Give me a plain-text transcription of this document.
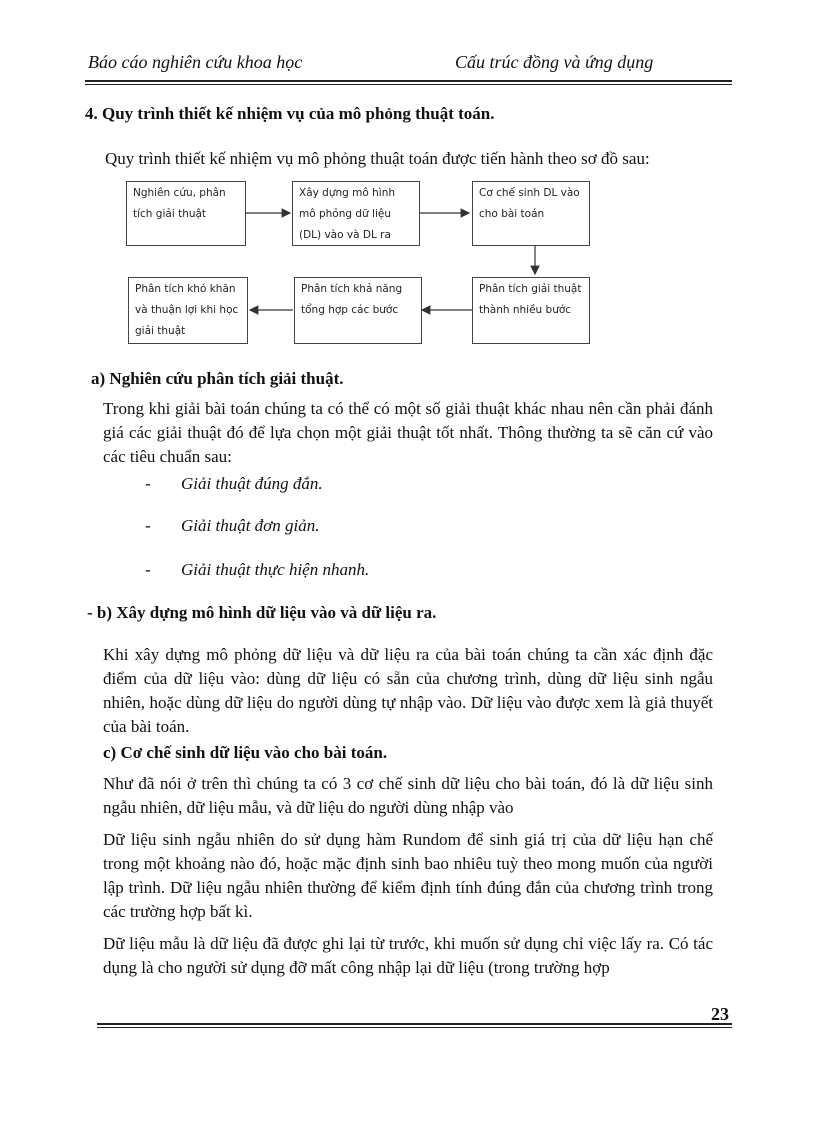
Báo cáo nghiên cứu khoa học	Cấu trúc đồng và ứng dụng
4. Quy trình thiết kế nhiệm vụ của mô phỏng thuật toán.
Quy trình thiết kế nhiệm vụ mô phỏng thuật toán được tiến hành theo sơ đồ sau:
Nghiên cứu, phân tích giải thuật
Xây dựng mô hình mô phỏng dữ liệu (DL) vào và DL ra
Cơ chế sinh DL vào cho bài toán
Phân tích giải thuật thành nhiều bước
Phân tích khả năng tổng hợp các bước
Phân tích khó khăn và thuận lợi khi học giải thuật
a) Nghiên cứu phân tích giải thuật.
Trong khi giải bài toán chúng ta có thể có một số giải thuật khác nhau nên cần phải đánh giá các giải thuật đó để lựa chọn một giải thuật tốt nhất. Thông thường ta sẽ căn cứ vào các tiêu chuẩn sau:
- Giải thuật đúng đắn.
- Giải thuật đơn giản.
- Giải thuật thực hiện nhanh.
- b) Xây dựng mô hình dữ liệu vào và dữ liệu ra.
Khi xây dựng mô phỏng dữ liệu và dữ liệu ra của bài toán chúng ta cần xác định đặc điểm của dữ liệu vào: dùng dữ liệu có sẵn của chương trình, dùng dữ liệu sinh ngẫu nhiên, hoặc dùng dữ liệu do người dùng tự nhập vào. Dữ liệu vào được xem là giả thuyết của bài toán.
c) Cơ chế sinh dữ liệu vào cho bài toán.
Như đã nói ở trên thì chúng ta có 3 cơ chế sinh dữ liệu cho bài toán, đó là dữ liệu sinh ngẫu nhiên, dữ liệu mẫu, và dữ liệu do người dùng nhập vào
Dữ liệu sinh ngẫu nhiên do sử dụng hàm Rundom để sinh giá trị của dữ liệu hạn chế trong một khoảng nào đó, hoặc mặc định sinh bao nhiêu tuỳ theo mong muốn của người lập trình. Dữ liệu ngẫu nhiên thường để kiểm định tính đúng đắn của chương trình trong các trường hợp bất kì.
Dữ liệu mẫu là dữ liệu đã được ghi lại từ trước, khi muốn sử dụng chỉ việc lấy ra. Có tác dụng là cho người sử dụng đỡ mất công nhập lại dữ liệu (trong trường hợp
23
